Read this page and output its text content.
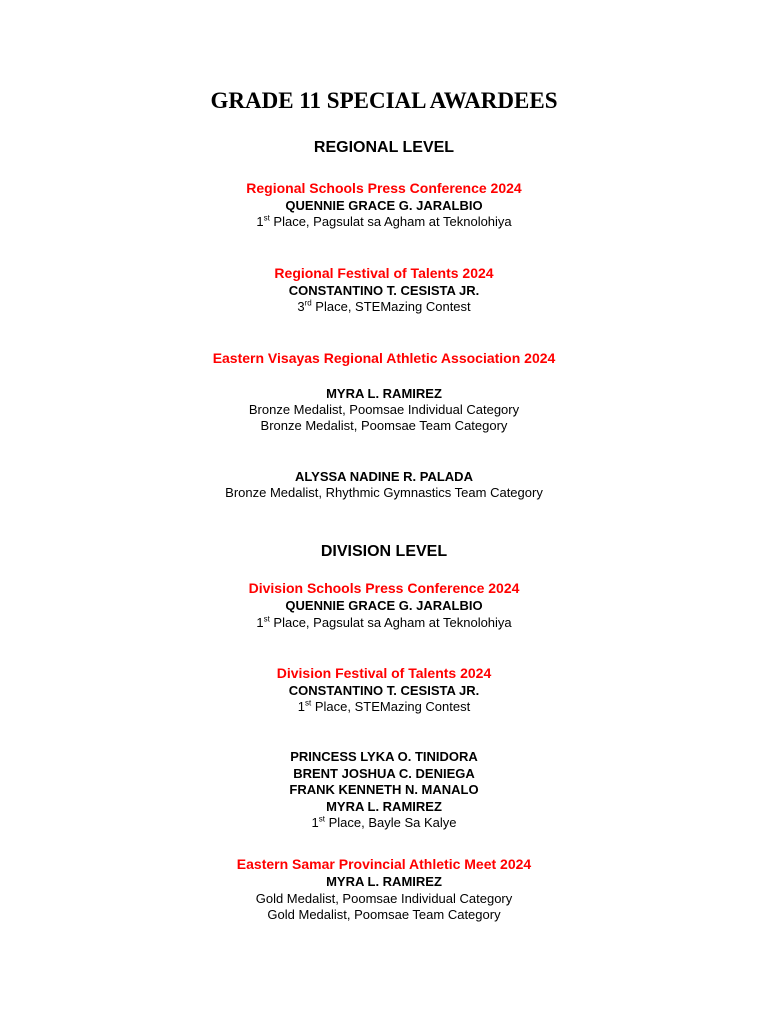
GRADE 11 SPECIAL AWARDEES
REGIONAL LEVEL
Regional Schools Press Conference 2024
QUENNIE GRACE G. JARALBIO
1st Place, Pagsulat sa Agham at Teknolohiya
Regional Festival of Talents 2024
CONSTANTINO T. CESISTA JR.
3rd Place, STEMazing Contest
Eastern Visayas Regional Athletic Association 2024
MYRA L. RAMIREZ
Bronze Medalist, Poomsae Individual Category
Bronze Medalist, Poomsae Team Category
ALYSSA NADINE R. PALADA
Bronze Medalist, Rhythmic Gymnastics Team Category
DIVISION LEVEL
Division Schools Press Conference 2024
QUENNIE GRACE G. JARALBIO
1st Place, Pagsulat sa Agham at Teknolohiya
Division Festival of Talents 2024
CONSTANTINO T. CESISTA JR.
1st Place, STEMazing Contest
PRINCESS LYKA O. TINIDORA
BRENT JOSHUA C. DENIEGA
FRANK KENNETH N. MANALO
MYRA L. RAMIREZ
1st Place, Bayle Sa Kalye
Eastern Samar Provincial Athletic Meet 2024
MYRA L. RAMIREZ
Gold Medalist, Poomsae Individual Category
Gold Medalist, Poomsae Team Category
